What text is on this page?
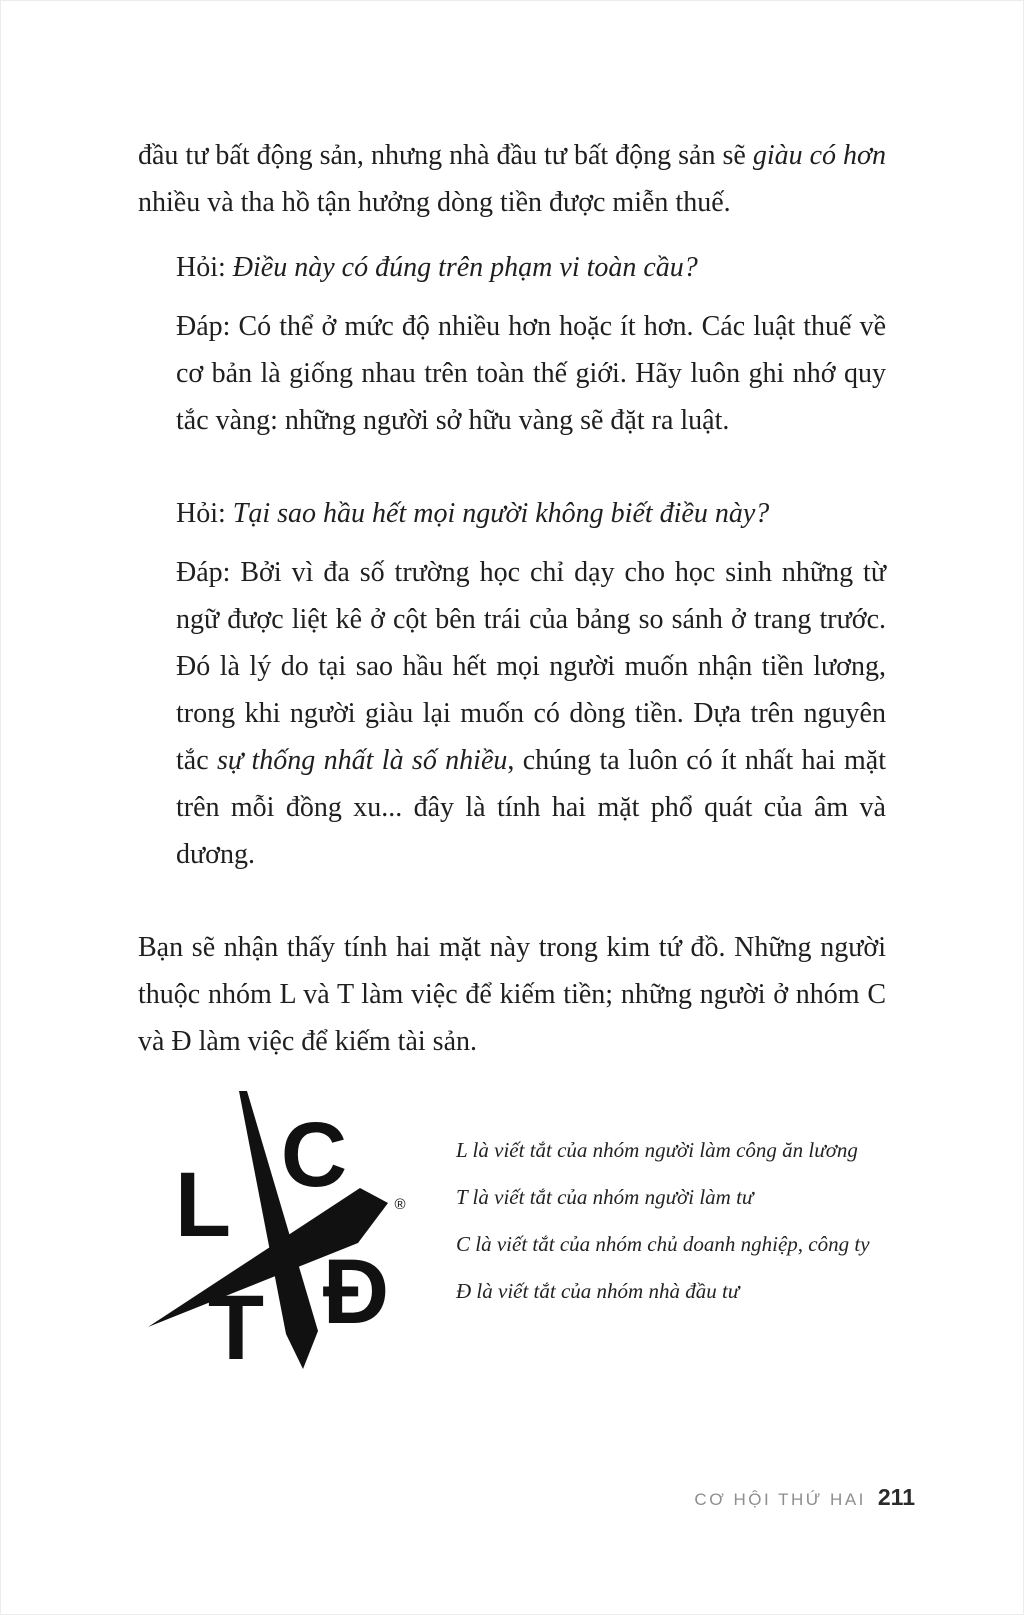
đầu tư bất động sản, nhưng nhà đầu tư bất động sản sẽ giàu có hơn nhiều và tha hồ tận hưởng dòng tiền được miễn thuế.

Hỏi: Điều này có đúng trên phạm vi toàn cầu?

Đáp: Có thể ở mức độ nhiều hơn hoặc ít hơn. Các luật thuế về cơ bản là giống nhau trên toàn thế giới. Hãy luôn ghi nhớ quy tắc vàng: những người sở hữu vàng sẽ đặt ra luật.

Hỏi: Tại sao hầu hết mọi người không biết điều này?

Đáp: Bởi vì đa số trường học chỉ dạy cho học sinh những từ ngữ được liệt kê ở cột bên trái của bảng so sánh ở trang trước. Đó là lý do tại sao hầu hết mọi người muốn nhận tiền lương, trong khi người giàu lại muốn có dòng tiền. Dựa trên nguyên tắc sự thống nhất là số nhiều, chúng ta luôn có ít nhất hai mặt trên mỗi đồng xu... đây là tính hai mặt phổ quát của âm và dương.

Bạn sẽ nhận thấy tính hai mặt này trong kim tứ đồ. Những người thuộc nhóm L và T làm việc để kiếm tiền; những người ở nhóm C và Đ làm việc để kiếm tài sản.

L C
T Đ
®
L là viết tắt của nhóm người làm công ăn lương
T là viết tắt của nhóm người làm tư
C là viết tắt của nhóm chủ doanh nghiệp, công ty
Đ là viết tắt của nhóm nhà đầu tư
CƠ HỘI THỨ HAI 211
